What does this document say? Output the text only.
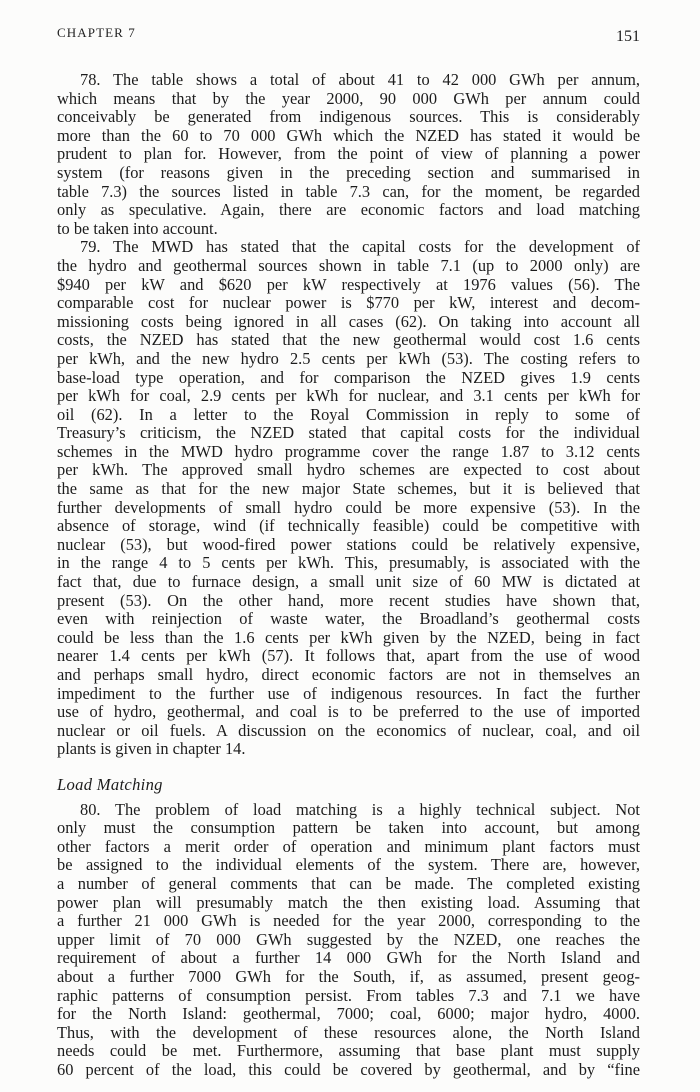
CHAPTER 7	151
78. The table shows a total of about 41 to 42 000 GWh per annum,
which means that by the year 2000, 90 000 GWh per annum could
conceivably be generated from indigenous sources. This is considerably
more than the 60 to 70 000 GWh which the NZED has stated it would be
prudent to plan for. However, from the point of view of planning a power
system (for reasons given in the preceding section and summarised in
table 7.3) the sources listed in table 7.3 can, for the moment, be regarded
only as speculative. Again, there are economic factors and load matching
to be taken into account.
79. The MWD has stated that the capital costs for the development of
the hydro and geothermal sources shown in table 7.1 (up to 2000 only) are
$940 per kW and $620 per kW respectively at 1976 values (56). The
comparable cost for nuclear power is $770 per kW, interest and decom-
missioning costs being ignored in all cases (62). On taking into account all
costs, the NZED has stated that the new geothermal would cost 1.6 cents
per kWh, and the new hydro 2.5 cents per kWh (53). The costing refers to
base-load type operation, and for comparison the NZED gives 1.9 cents
per kWh for coal, 2.9 cents per kWh for nuclear, and 3.1 cents per kWh for
oil (62). In a letter to the Royal Commission in reply to some of
Treasury’s criticism, the NZED stated that capital costs for the individual
schemes in the MWD hydro programme cover the range 1.87 to 3.12 cents
per kWh. The approved small hydro schemes are expected to cost about
the same as that for the new major State schemes, but it is believed that
further developments of small hydro could be more expensive (53). In the
absence of storage, wind (if technically feasible) could be competitive with
nuclear (53), but wood-fired power stations could be relatively expensive,
in the range 4 to 5 cents per kWh. This, presumably, is associated with the
fact that, due to furnace design, a small unit size of 60 MW is dictated at
present (53). On the other hand, more recent studies have shown that,
even with reinjection of waste water, the Broadland’s geothermal costs
could be less than the 1.6 cents per kWh given by the NZED, being in fact
nearer 1.4 cents per kWh (57). It follows that, apart from the use of wood
and perhaps small hydro, direct economic factors are not in themselves an
impediment to the further use of indigenous resources. In fact the further
use of hydro, geothermal, and coal is to be preferred to the use of imported
nuclear or oil fuels. A discussion on the economics of nuclear, coal, and oil
plants is given in chapter 14.
Load Matching
80. The problem of load matching is a highly technical subject. Not
only must the consumption pattern be taken into account, but among
other factors a merit order of operation and minimum plant factors must
be assigned to the individual elements of the system. There are, however,
a number of general comments that can be made. The completed existing
power plan will presumably match the then existing load. Assuming that
a further 21 000 GWh is needed for the year 2000, corresponding to the
upper limit of 70 000 GWh suggested by the NZED, one reaches the
requirement of about a further 14 000 GWh for the North Island and
about a further 7000 GWh for the South, if, as assumed, present geog-
raphic patterns of consumption persist. From tables 7.3 and 7.1 we have
for the North Island: geothermal, 7000; coal, 6000; major hydro, 4000.
Thus, with the development of these resources alone, the North Island
needs could be met. Furthermore, assuming that base plant must supply
60 percent of the load, this could be covered by geothermal, and by “fine
